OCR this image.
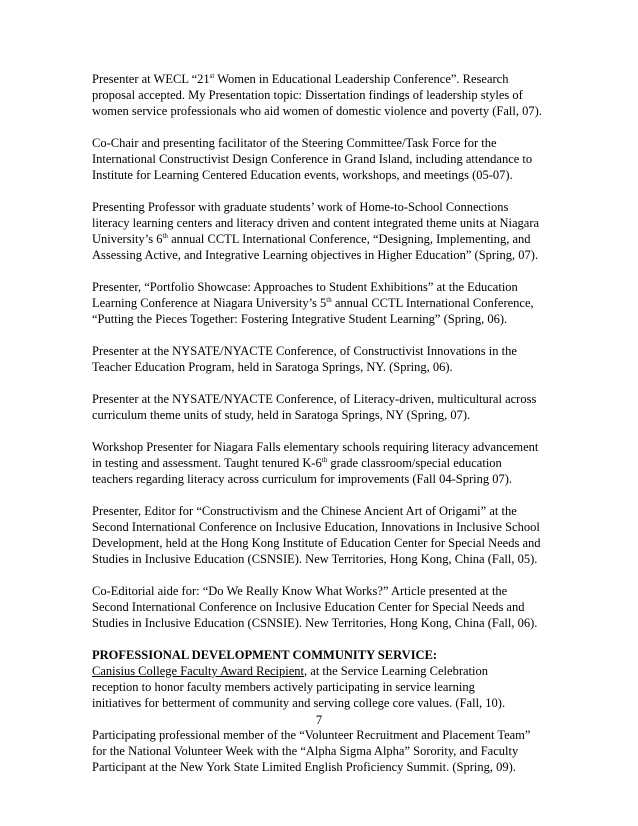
Presenter at WECL “21st Women in Educational Leadership Conference”. Research
proposal accepted. My Presentation topic: Dissertation findings of leadership styles of
women service professionals who aid women of domestic violence and poverty (Fall, 07).
Co-Chair and presenting facilitator of the Steering Committee/Task Force for the
International Constructivist Design Conference in Grand Island, including attendance to
Institute for Learning Centered Education events, workshops, and meetings (05-07).
Presenting Professor with graduate students’ work of Home-to-School Connections
literacy learning centers and literacy driven and content integrated theme units at Niagara
University’s 6th annual CCTL International Conference, “Designing, Implementing, and
Assessing Active, and Integrative Learning objectives in Higher Education” (Spring, 07).
Presenter, “Portfolio Showcase: Approaches to Student Exhibitions” at the Education
Learning Conference at Niagara University’s 5th annual CCTL International Conference,
“Putting the Pieces Together: Fostering Integrative Student Learning” (Spring, 06).
Presenter at the NYSATE/NYACTE Conference, of Constructivist Innovations in the
Teacher Education Program, held in Saratoga Springs, NY. (Spring, 06).
Presenter at the NYSATE/NYACTE Conference, of Literacy-driven, multicultural across
curriculum theme units of study, held in Saratoga Springs, NY (Spring, 07).
Workshop Presenter for Niagara Falls elementary schools requiring literacy advancement
in testing and assessment. Taught tenured K-6th grade classroom/special education
teachers regarding literacy across curriculum for improvements (Fall 04-Spring 07).
Presenter, Editor for “Constructivism and the Chinese Ancient Art of Origami” at the
Second International Conference on Inclusive Education, Innovations in Inclusive School
Development, held at the Hong Kong Institute of Education Center for Special Needs and
Studies in Inclusive Education (CSNSIE). New Territories, Hong Kong, China (Fall, 05).
Co-Editorial aide for: “Do We Really Know What Works?” Article presented at the
Second International Conference on Inclusive Education Center for Special Needs and
Studies in Inclusive Education (CSNSIE). New Territories, Hong Kong, China (Fall, 06).
PROFESSIONAL DEVELOPMENT COMMUNITY SERVICE:
Canisius College Faculty Award Recipient, at the Service Learning Celebration
reception to honor faculty members actively participating in service learning
initiatives for betterment of community and serving college core values. (Fall, 10).
Participating professional member of the “Volunteer Recruitment and Placement Team”
for the National Volunteer Week with the “Alpha Sigma Alpha” Sorority, and Faculty
Participant at the New York State Limited English Proficiency Summit. (Spring, 09).
7
